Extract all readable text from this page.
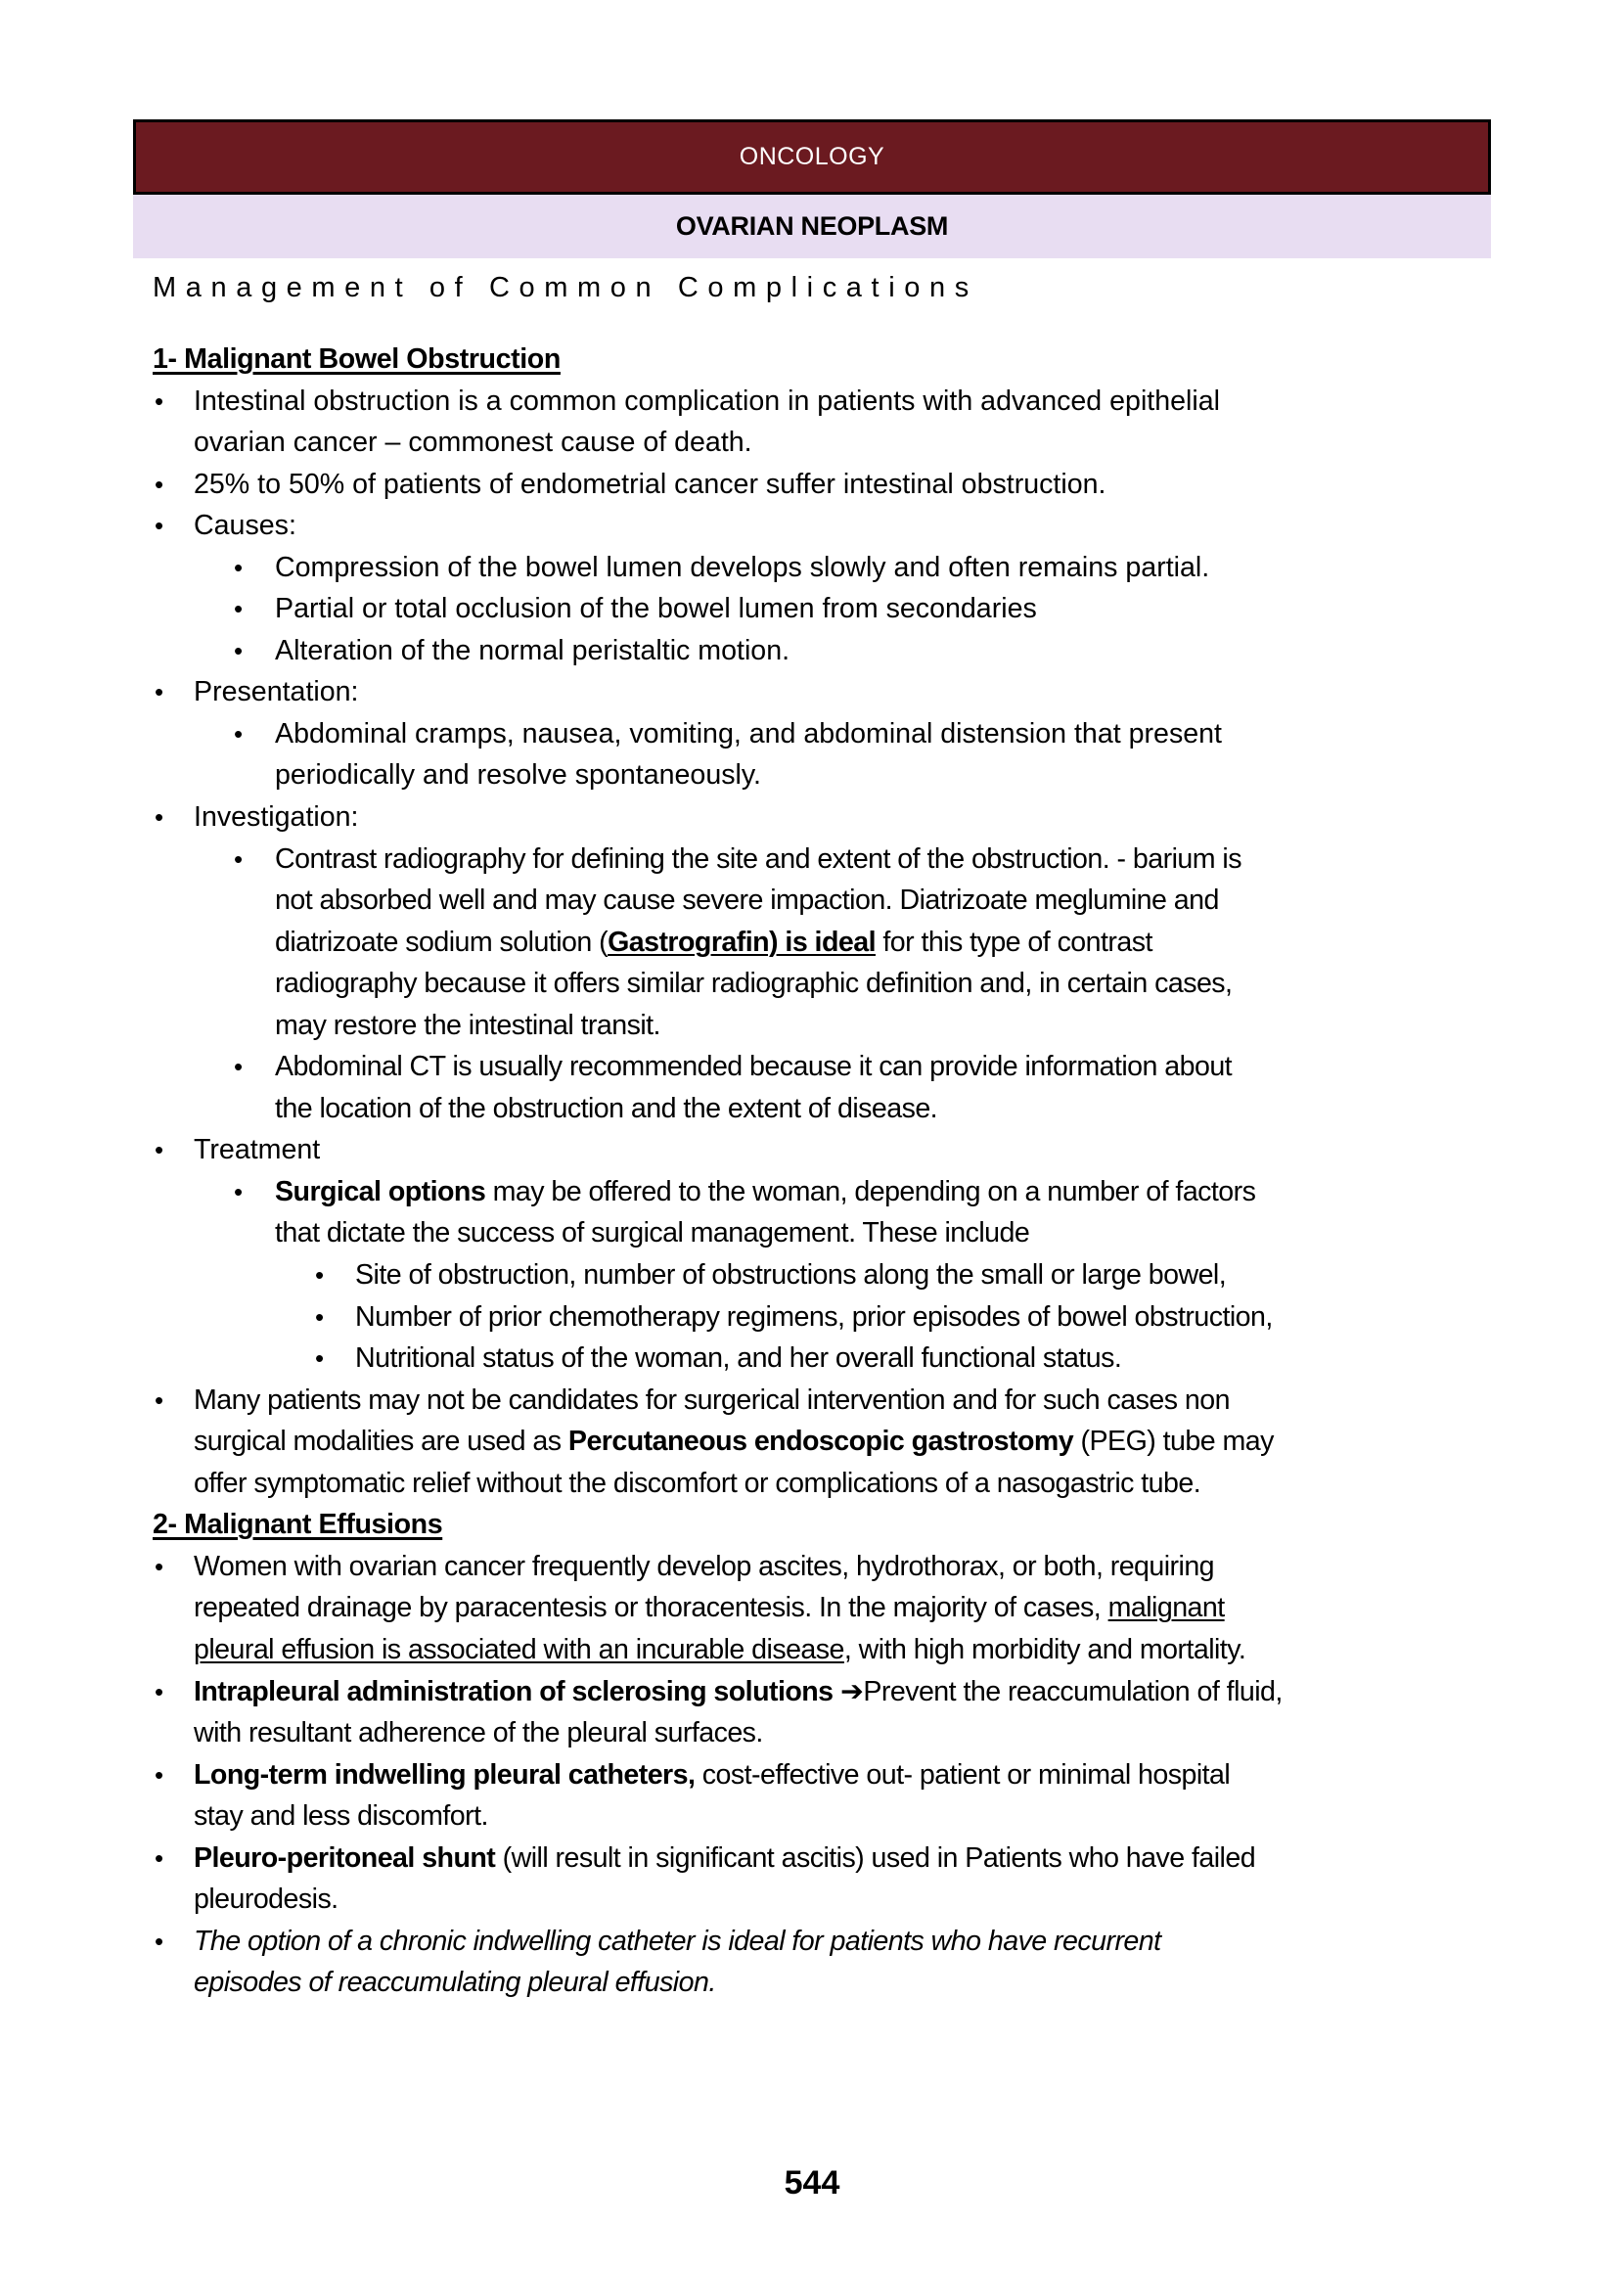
ONCOLOGY
OVARIAN NEOPLASM
Management of Common Complications
1- Malignant Bowel Obstruction
• Intestinal obstruction is a common complication in patients with advanced epithelial
ovarian cancer – commonest cause of death.
• 25% to 50% of patients of endometrial cancer suffer intestinal obstruction.
• Causes:
• Compression of the bowel lumen develops slowly and often remains partial.
• Partial or total occlusion of the bowel lumen from secondaries
• Alteration of the normal peristaltic motion.
• Presentation:
• Abdominal cramps, nausea, vomiting, and abdominal distension that present
periodically and resolve spontaneously.
• Investigation:
• Contrast radiography for defining the site and extent of the obstruction. - barium is
not absorbed well and may cause severe impaction. Diatrizoate meglumine and
diatrizoate sodium solution (Gastrografin) is ideal for this type of contrast
radiography because it offers similar radiographic definition and, in certain cases,
may restore the intestinal transit.
• Abdominal CT is usually recommended because it can provide information about
the location of the obstruction and the extent of disease.
• Treatment
• Surgical options may be offered to the woman, depending on a number of factors
that dictate the success of surgical management. These include
• Site of obstruction, number of obstructions along the small or large bowel,
• Number of prior chemotherapy regimens, prior episodes of bowel obstruction,
• Nutritional status of the woman, and her overall functional status.
• Many patients may not be candidates for surgerical intervention and for such cases non
surgical modalities are used as Percutaneous endoscopic gastrostomy (PEG) tube may
offer symptomatic relief without the discomfort or complications of a nasogastric tube.
2- Malignant Effusions
• Women with ovarian cancer frequently develop ascites, hydrothorax, or both, requiring
repeated drainage by paracentesis or thoracentesis. In the majority of cases, malignant
pleural effusion is associated with an incurable disease, with high morbidity and mortality.
• Intrapleural administration of sclerosing solutions ➔Prevent the reaccumulation of fluid,
with resultant adherence of the pleural surfaces.
• Long-term indwelling pleural catheters, cost-effective out- patient or minimal hospital
stay and less discomfort.
• Pleuro-peritoneal shunt (will result in significant ascitis) used in Patients who have failed
pleurodesis.
• The option of a chronic indwelling catheter is ideal for patients who have recurrent
episodes of reaccumulating pleural effusion.
544
